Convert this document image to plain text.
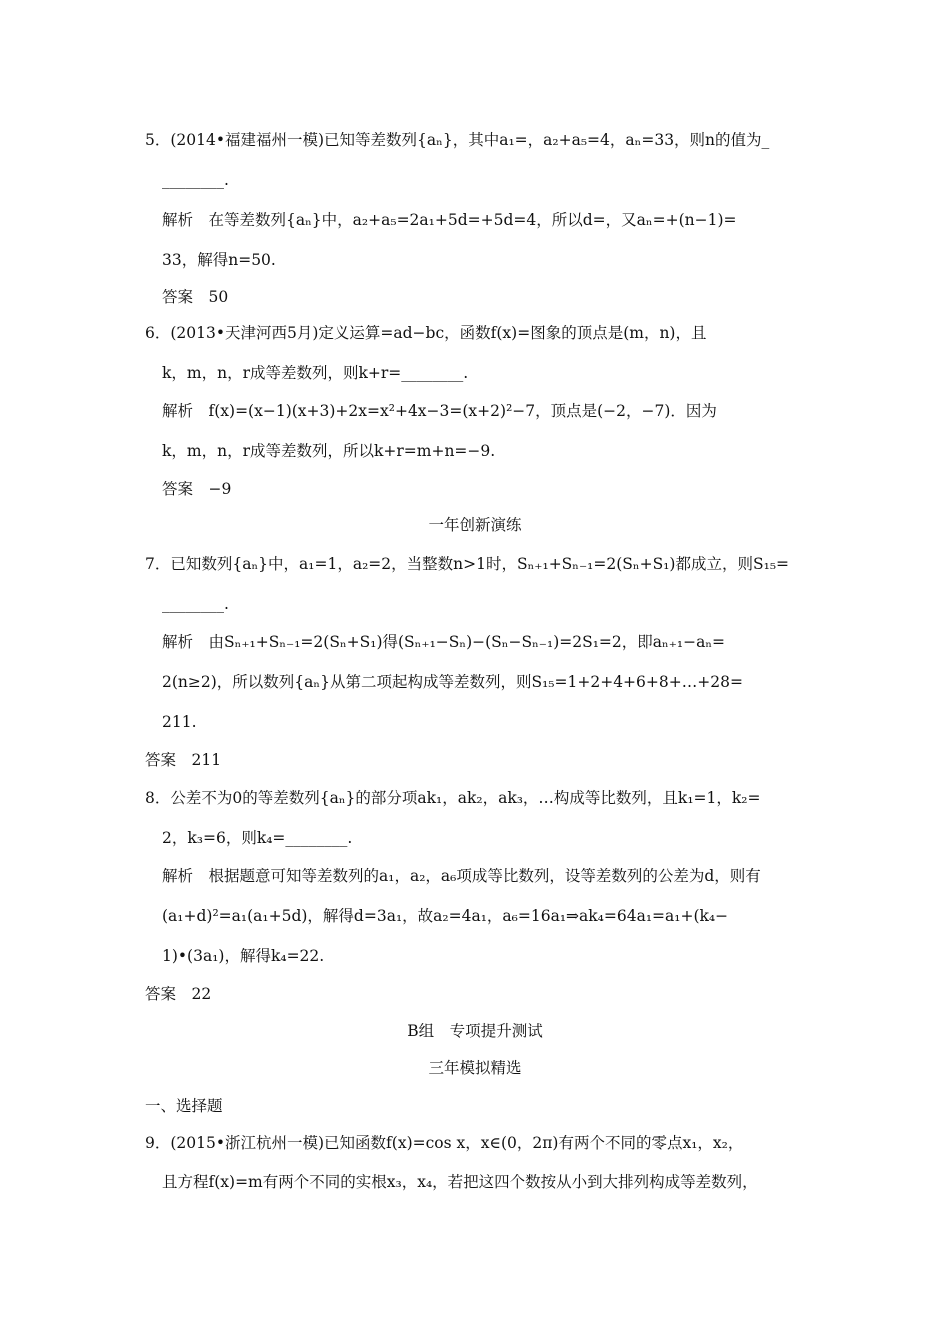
5．(2014•福建福州一模)已知等差数列{aₙ}，其中a₁=，a₂+a₅=4，aₙ=33，则n的值为_
________.
解析　在等差数列{aₙ}中，a₂+a₅=2a₁+5d=+5d=4，所以d=，又aₙ=+(n−1)=
33，解得n=50.
答案　50
6．(2013•天津河西5月)定义运算=ad−bc，函数f(x)=图象的顶点是(m，n)，且
k，m，n，r成等差数列，则k+r=________.
解析　f(x)=(x−1)(x+3)+2x=x²+4x−3=(x+2)²−7，顶点是(−2，−7)．因为
k，m，n，r成等差数列，所以k+r=m+n=−9.
答案　−9
一年创新演练
7．已知数列{aₙ}中，a₁=1，a₂=2，当整数n>1时，Sₙ₊₁+Sₙ₋₁=2(Sₙ+S₁)都成立，则S₁₅=
________.
解析　由Sₙ₊₁+Sₙ₋₁=2(Sₙ+S₁)得(Sₙ₊₁−Sₙ)−(Sₙ−Sₙ₋₁)=2S₁=2，即aₙ₊₁−aₙ=
2(n≥2)，所以数列{aₙ}从第二项起构成等差数列，则S₁₅=1+2+4+6+8+…+28=
211.
答案　211
8．公差不为0的等差数列{aₙ}的部分项ak₁，ak₂，ak₃，…构成等比数列，且k₁=1，k₂=
2，k₃=6，则k₄=________.
解析　根据题意可知等差数列的a₁，a₂，a₆项成等比数列，设等差数列的公差为d，则有
(a₁+d)²=a₁(a₁+5d)，解得d=3a₁，故a₂=4a₁，a₆=16a₁⇒ak₄=64a₁=a₁+(k₄−
1)•(3a₁)，解得k₄=22.
答案　22
B组　专项提升测试
三年模拟精选
一、选择题
9．(2015•浙江杭州一模)已知函数f(x)=cos x，x∈(0，2π)有两个不同的零点x₁，x₂，
且方程f(x)=m有两个不同的实根x₃，x₄，若把这四个数按从小到大排列构成等差数列，
